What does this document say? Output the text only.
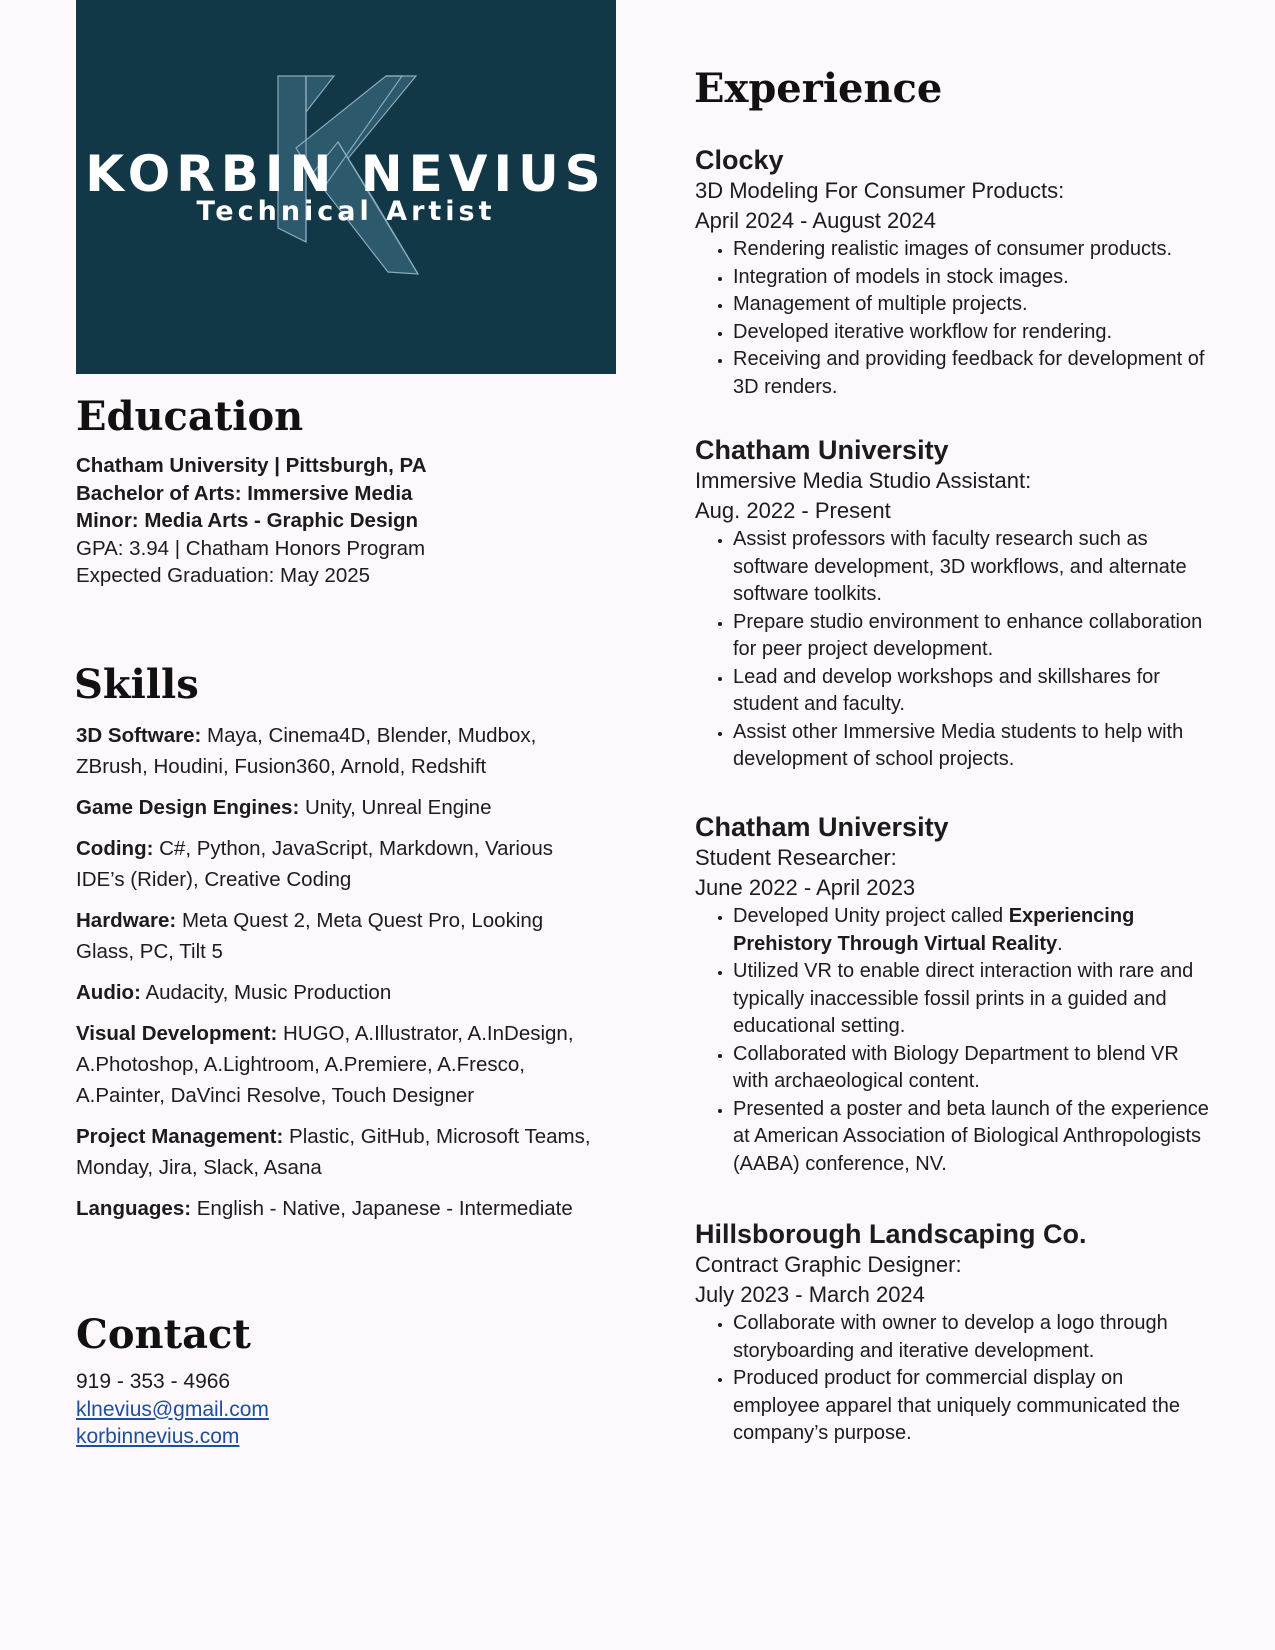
KORBIN NEVIUS

Technical Artist

Education
Chatham University | Pittsburgh, PA
Bachelor of Arts: Immersive Media
Minor: Media Arts - Graphic Design
GPA: 3.94 | Chatham Honors Program
Expected Graduation: May 2025
Skills

3D Software: Maya, Cinema4D, Blender, Mudbox, ZBrush, Houdini, Fusion360, Arnold, Redshift

Game Design Engines: Unity, Unreal Engine

Coding: C#, Python, JavaScript, Markdown, Various IDE’s (Rider), Creative Coding

Hardware: Meta Quest 2, Meta Quest Pro, Looking Glass, PC, Tilt 5

Audio: Audacity, Music Production

Visual Development: HUGO, A.Illustrator, A.InDesign, A.Photoshop, A.Lightroom, A.Premiere, A.Fresco, A.Painter, DaVinci Resolve, Touch Designer

Project Management: Plastic, GitHub, Microsoft Teams, Monday, Jira, Slack, Asana

Languages: English - Native, Japanese - Intermediate

Contact
919 - 353 - 4966
klnevius@gmail.com
korbinnevius.com
Experience

Clocky

3D Modeling For Consumer Products:

April 2024 - August 2024

• Rendering realistic images of consumer products.
• Integration of models in stock images.
• Management of multiple projects.
• Developed iterative workflow for rendering.
• Receiving and providing feedback for development of 3D renders.

Chatham University

Immersive Media Studio Assistant:

Aug. 2022 - Present

• Assist professors with faculty research such as software development, 3D workflows, and alternate software toolkits.
• Prepare studio environment to enhance collaboration for peer project development.
• Lead and develop workshops and skillshares for student and faculty.
• Assist other Immersive Media students to help with development of school projects.

Chatham University

Student Researcher:

June 2022 - April 2023

• Developed Unity project called Experiencing Prehistory Through Virtual Reality.
• Utilized VR to enable direct interaction with rare and typically inaccessible fossil prints in a guided and educational setting.
• Collaborated with Biology Department to blend VR with archaeological content.
• Presented a poster and beta launch of the experience at American Association of Biological Anthropologists (AABA) conference, NV.

Hillsborough Landscaping Co.

Contract Graphic Designer:

July 2023 - March 2024

• Collaborate with owner to develop a logo through storyboarding and iterative development.
• Produced product for commercial display on employee apparel that uniquely communicated the company’s purpose.
